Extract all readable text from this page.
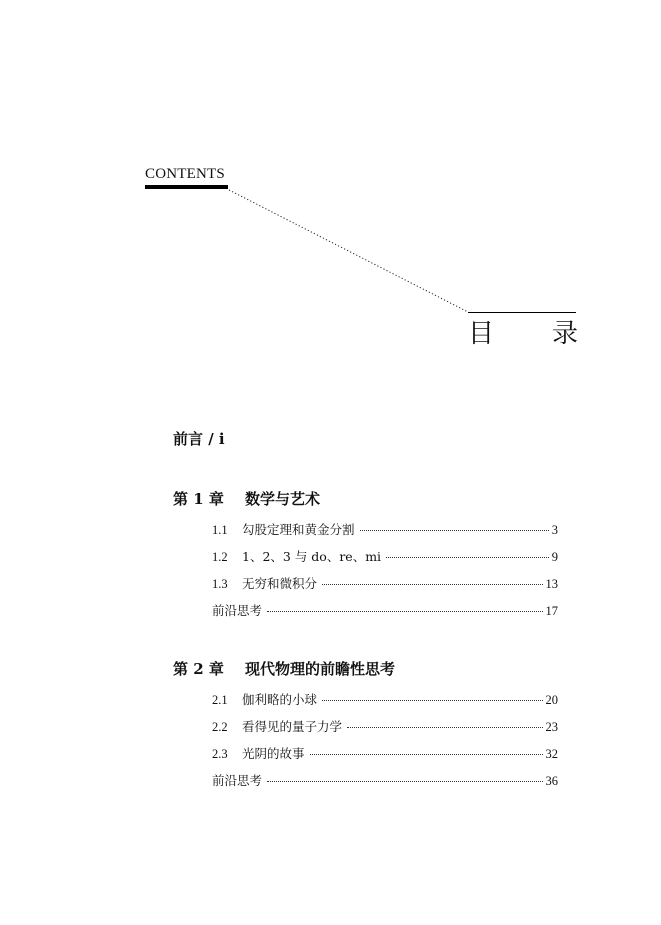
CONTENTS
目 录
前言 / i
第 1 章	数学与艺术
1.1	勾股定理和黄金分割	3
1.2	1、2、3 与 do、re、mi	9
1.3	无穷和微积分	13
前沿思考	17
第 2 章	现代物理的前瞻性思考
2.1	伽利略的小球	20
2.2	看得见的量子力学	23
2.3	光阴的故事	32
前沿思考	36
